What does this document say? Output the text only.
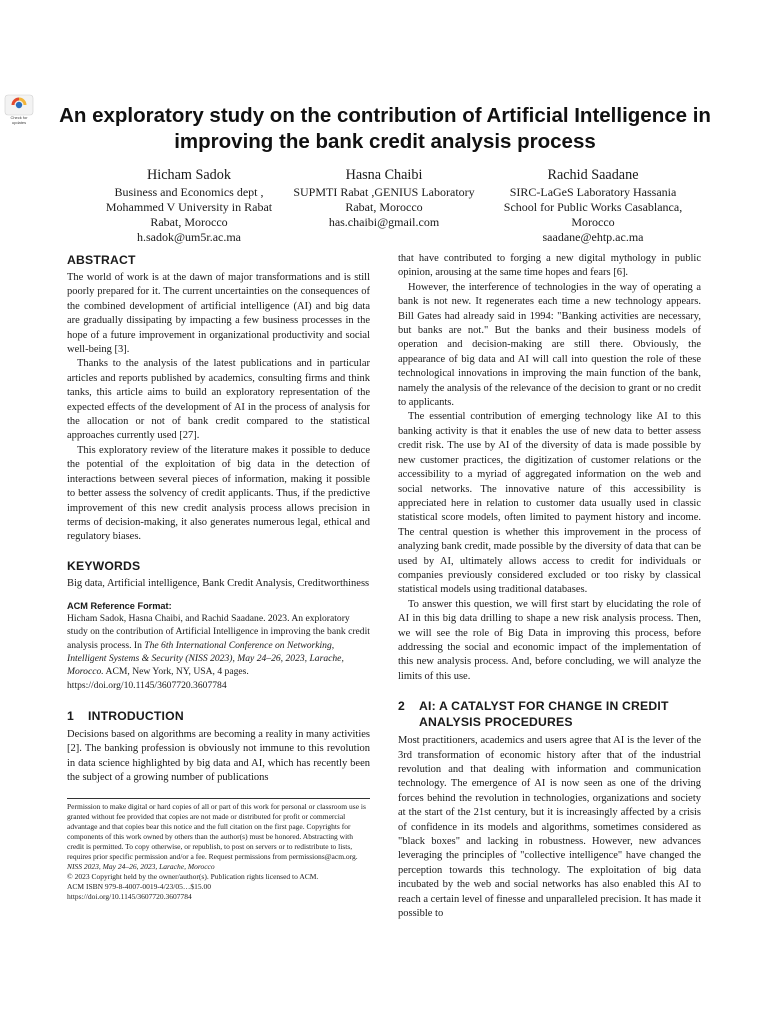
Check for updates	An exploratory study on the contribution of Artificial Intelligence in improving the bank credit analysis process
Hicham Sadok
Business and Economics dept ,
Mohammed V University in Rabat
Rabat, Morocco
h.sadok@um5r.ac.ma
Hasna Chaibi
SUPMTI Rabat ,GENIUS Laboratory
Rabat, Morocco
has.chaibi@gmail.com
Rachid Saadane
SIRC-LaGeS Laboratory Hassania
School for Public Works Casablanca,
Morocco
saadane@ehtp.ac.ma
ABSTRACT

The world of work is at the dawn of major transformations and is still poorly prepared for it. The current uncertainties on the consequences of the combined development of artificial intelligence (AI) and big data are gradually dissipating by impacting a few business processes in the hope of a future improvement in organizational productivity and social well-being [3].

Thanks to the analysis of the latest publications and in particular articles and reports published by academics, consulting firms and think tanks, this article aims to build an exploratory representation of the expected effects of the development of AI in the process of analysis for the allocation or not of bank credit compared to the statistical approaches currently used [27].

This exploratory review of the literature makes it possible to deduce the potential of the exploitation of big data in the detection of interactions between several pieces of information, making it possible to better assess the solvency of credit applicants. Thus, if the predictive improvement of this new credit analysis process allows precision in terms of decision-making, it also generates numerous legal, ethical and regulatory biases.

KEYWORDS

Big data, Artificial intelligence, Bank Credit Analysis, Creditworthiness

ACM Reference Format:

Hicham Sadok, Hasna Chaibi, and Rachid Saadane. 2023. An exploratory study on the contribution of Artificial Intelligence in improving the bank credit analysis process. In The 6th International Conference on Networking, Intelligent Systems & Security (NISS 2023), May 24–26, 2023, Larache, Morocco. ACM, New York, NY, USA, 4 pages. https://doi.org/10.1145/3607720.3607784

1	INTRODUCTION

Decisions based on algorithms are becoming a reality in many activities [2]. The banking profession is obviously not immune to this revolution in data science highlighted by big data and AI, which has recently been the subject of a growing number of publications

Permission to make digital or hard copies of all or part of this work for personal or classroom use is granted without fee provided that copies are not made or distributed for profit or commercial advantage and that copies bear this notice and the full citation on the first page. Copyrights for components of this work owned by others than the author(s) must be honored. Abstracting with credit is permitted. To copy otherwise, or republish, to post on servers or to redistribute to lists, requires prior specific permission and/or a fee. Request permissions from permissions@acm.org.

NISS 2023, May 24–26, 2023, Larache, Morocco

© 2023 Copyright held by the owner/author(s). Publication rights licensed to ACM.

ACM ISBN 979-8-4007-0019-4/23/05…$15.00

https://doi.org/10.1145/3607720.3607784

that have contributed to forging a new digital mythology in public opinion, arousing at the same time hopes and fears [6].

However, the interference of technologies in the way of operating a bank is not new. It regenerates each time a new technology appears. Bill Gates had already said in 1994: "Banking activities are necessary, but banks are not." But the banks and their business models of operation and decision-making are still there. Obviously, the appearance of big data and AI will call into question the role of these technological innovations in improving the main function of the bank, namely the analysis of the relevance of the decision to grant or no credit to applicants.

The essential contribution of emerging technology like AI to this banking activity is that it enables the use of new data to better assess credit risk. The use by AI of the diversity of data is made possible by new customer practices, the digitization of customer relations or the accessibility to a myriad of aggregated information on the web and social networks. The innovative nature of this accessibility is appreciated here in relation to customer data usually used in classic statistical score models, often limited to payment history and income. The central question is whether this improvement in the process of analyzing bank credit, made possible by the diversity of data that can be used by AI, ultimately allows access to credit for individuals or companies previously considered excluded or too risky by classical statistical models using traditional databases.

To answer this question, we will first start by elucidating the role of AI in this big data drilling to shape a new risk analysis process. Then, we will see the role of Big Data in improving this process, before addressing the social and economic impact of the implementation of this new analysis process. And, before concluding, we will analyze the limits of this use.

2	AI: A CATALYST FOR CHANGE IN CREDIT ANALYSIS PROCEDURES

Most practitioners, academics and users agree that AI is the lever of the 3rd transformation of economic history after that of the industrial revolution and that dealing with information and communication technology. The emergence of AI is now seen as one of the driving forces behind the revolution in technologies, organizations and society at the start of the 21st century, but it is increasingly affected by a crisis of confidence in its models and algorithms, sometimes considered as "black boxes" and lacking in robustness. However, new advances leveraging the principles of "collective intelligence" have changed the perception towards this technology. The exploitation of big data incubated by the web and social networks has also enabled this AI to reach a certain level of finesse and unparalleled precision. It has made it possible to
